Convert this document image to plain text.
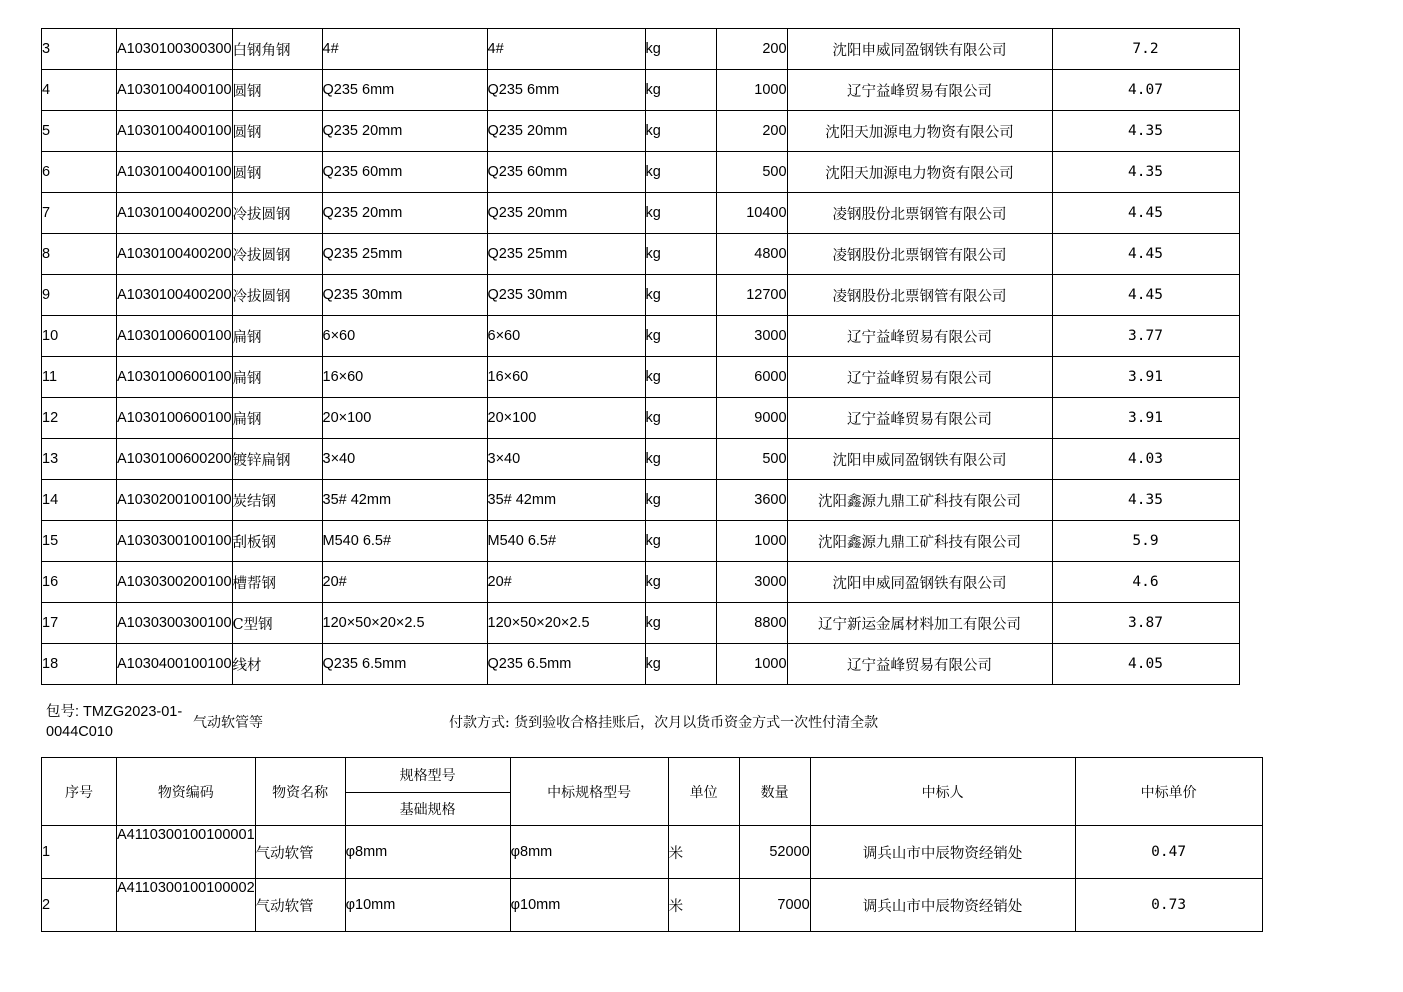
3	A1030100300300	白钢角钢	4#	4#	kg	200	沈阳申威同盈钢铁有限公司	7.2
4	A1030100400100	圆钢	Q235 6mm	Q235 6mm	kg	1000	辽宁益峰贸易有限公司	4.07
5	A1030100400100	圆钢	Q235 20mm	Q235 20mm	kg	200	沈阳天加源电力物资有限公司	4.35
6	A1030100400100	圆钢	Q235 60mm	Q235 60mm	kg	500	沈阳天加源电力物资有限公司	4.35
7	A1030100400200	冷拔圆钢	Q235 20mm	Q235 20mm	kg	10400	凌钢股份北票钢管有限公司	4.45
8	A1030100400200	冷拔圆钢	Q235 25mm	Q235 25mm	kg	4800	凌钢股份北票钢管有限公司	4.45
9	A1030100400200	冷拔圆钢	Q235 30mm	Q235 30mm	kg	12700	凌钢股份北票钢管有限公司	4.45
10	A1030100600100	扁钢	6×60	6×60	kg	3000	辽宁益峰贸易有限公司	3.77
11	A1030100600100	扁钢	16×60	16×60	kg	6000	辽宁益峰贸易有限公司	3.91
12	A1030100600100	扁钢	20×100	20×100	kg	9000	辽宁益峰贸易有限公司	3.91
13	A1030100600200	镀锌扁钢	3×40	3×40	kg	500	沈阳申威同盈钢铁有限公司	4.03
14	A1030200100100	炭结钢	35# 42mm	35# 42mm	kg	3600	沈阳鑫源九鼎工矿科技有限公司	4.35
15	A1030300100100	刮板钢	M540 6.5#	M540 6.5#	kg	1000	沈阳鑫源九鼎工矿科技有限公司	5.9
16	A1030300200100	槽帮钢	20#	20#	kg	3000	沈阳申威同盈钢铁有限公司	4.6
17	A1030300300100	C型钢	120×50×20×2.5	120×50×20×2.5	kg	8800	辽宁新运金属材料加工有限公司	3.87
18	A1030400100100	线材	Q235 6.5mm	Q235 6.5mm	kg	1000	辽宁益峰贸易有限公司	4.05
包号: TMZG2023-01-0044C010
气动软管等	付款方式: 货到验收合格挂账后，次月以货币资金方式一次性付清全款
序号	物资编码	物资名称	规格型号	中标规格型号	单位	数量	中标人	中标单价
			基础规格					
1	A4110300100100001	气动软管	φ8mm	φ8mm	米	52000	调兵山市中辰物资经销处	0.47
2	A4110300100100002	气动软管	φ10mm	φ10mm	米	7000	调兵山市中辰物资经销处	0.73
